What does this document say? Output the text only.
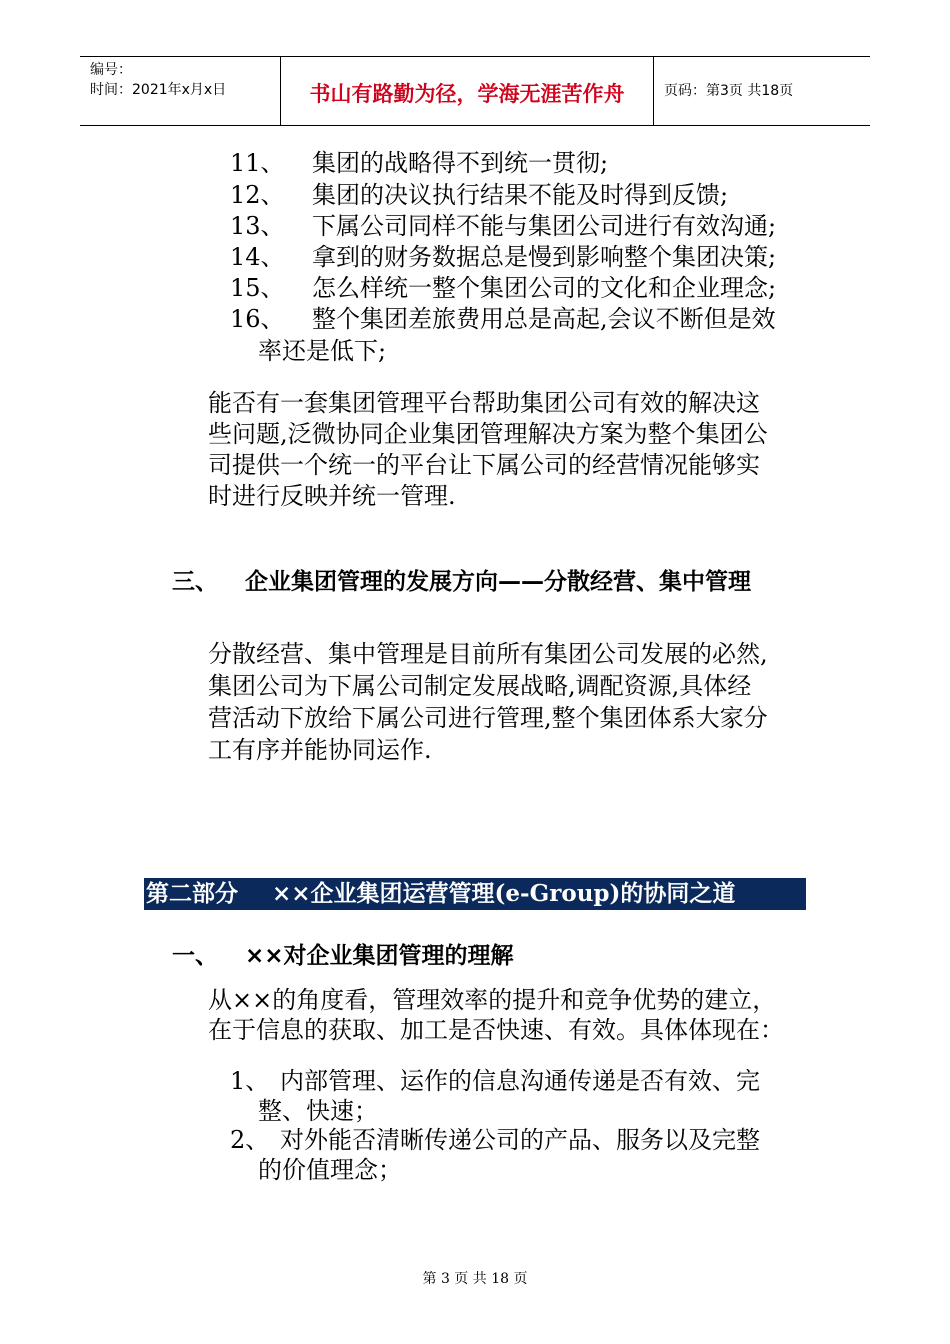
编号：
时间：2021年x月x日	书山有路勤为径，学海无涯苦作舟	页码：第3页 共18页
11、 集团的战略得不到统一贯彻;
12、 集团的决议执行结果不能及时得到反馈;
13、 下属公司同样不能与集团公司进行有效沟通;
14、 拿到的财务数据总是慢到影响整个集团决策;
15、 怎么样统一整个集团公司的文化和企业理念;
16、 整个集团差旅费用总是高起,会议不断但是效
率还是低下;
能否有一套集团管理平台帮助集团公司有效的解决这
些问题,泛微协同企业集团管理解决方案为整个集团公
司提供一个统一的平台让下属公司的经营情况能够实
时进行反映并统一管理.
三、 企业集团管理的发展方向——分散经营、集中管理
分散经营、集中管理是目前所有集团公司发展的必然,
集团公司为下属公司制定发展战略,调配资源,具体经
营活动下放给下属公司进行管理,整个集团体系大家分
工有序并能协同运作.
第二部分 ××企业集团运营管理(e-Group)的协同之道
一、 ××对企业集团管理的理解
从××的角度看，管理效率的提升和竞争优势的建立，
在于信息的获取、加工是否快速、有效。具体体现在：
1、 内部管理、运作的信息沟通传递是否有效、完
整、快速；
2、 对外能否清晰传递公司的产品、服务以及完整
的价值理念；
第 3 页 共 18 页
